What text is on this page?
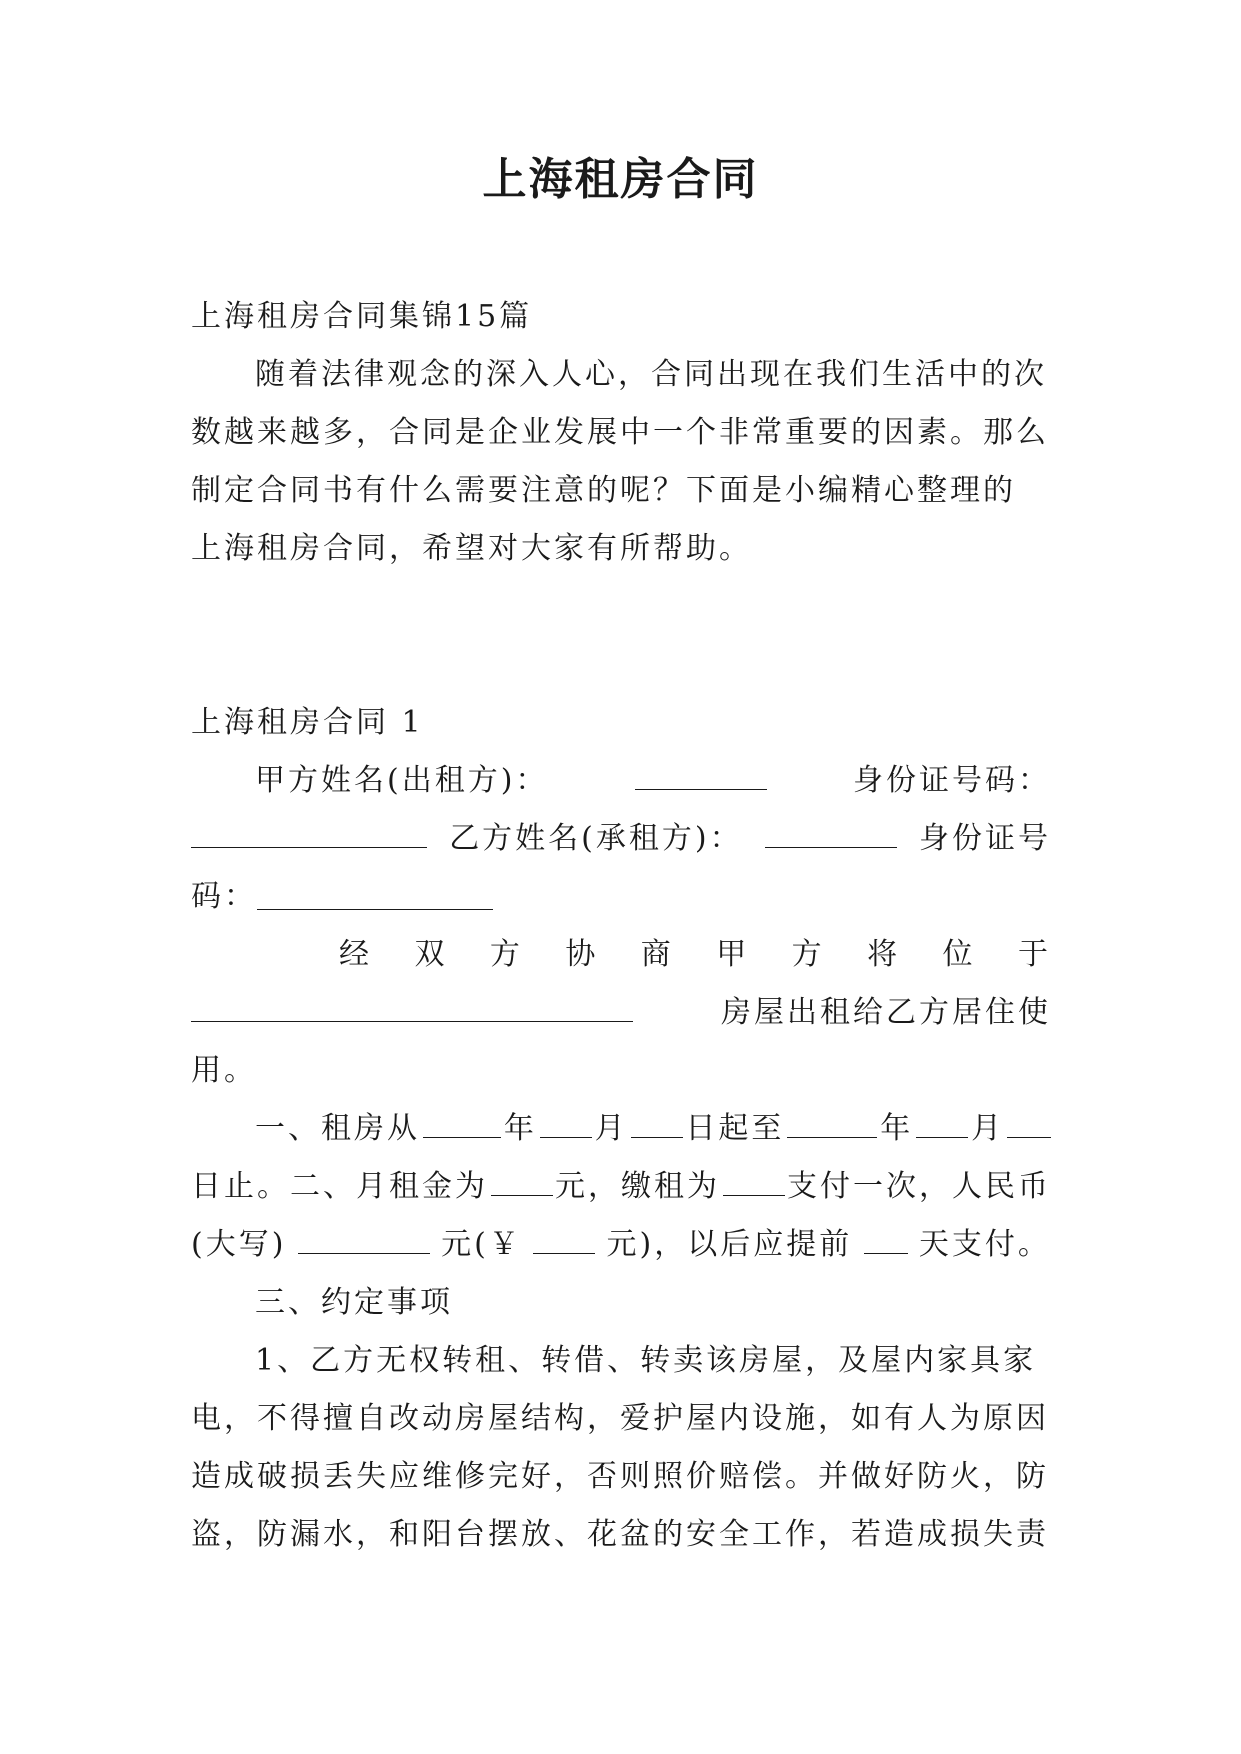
上海租房合同
上海租房合同集锦15篇
随着法律观念的深入人心，合同出现在我们生活中的次
数越来越多，合同是企业发展中一个非常重要的因素。那么
制定合同书有什么需要注意的呢？下面是小编精心整理的
上海租房合同，希望对大家有所帮助。
上海租房合同 1
甲方姓名(出租方)：	身份证号码：
乙方姓名(承租方)：	身份证号
码：
经 双 方 协 商 甲 方 将 位 于
房屋出租给乙方居住使
用。
一、租房从	年 月 日起至	年 月
日止。二、月租金为 元，缴租为 支付一次，人民币
(大写)	元(￥	元)，以后应提前 天支付。
三、约定事项
1、乙方无权转租、转借、转卖该房屋，及屋内家具家
电，不得擅自改动房屋结构，爱护屋内设施，如有人为原因
造成破损丢失应维修完好，否则照价赔偿。并做好防火，防
盗，防漏水，和阳台摆放、花盆的安全工作，若造成损失责
